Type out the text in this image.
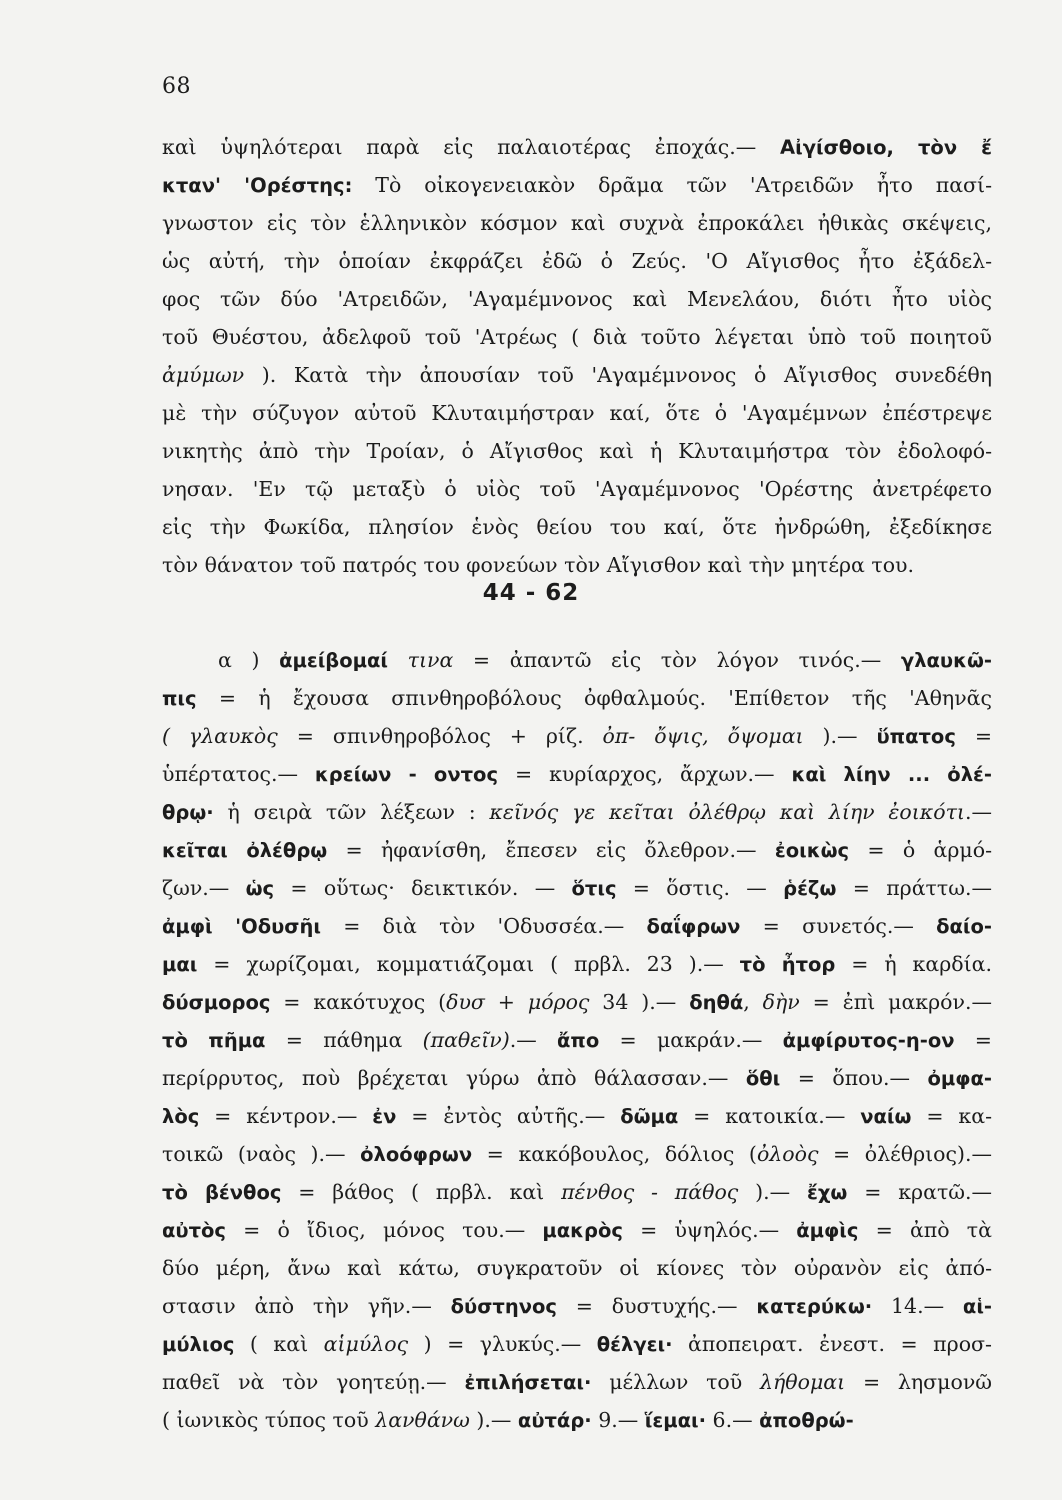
68
καὶ ὑψηλότεραι παρὰ εἰς παλαιοτέρας ἐποχάς.— Αἰγίσθοιο, τὸν ἔ
κταν' 'Ορέστης: Τὸ οἰκογενειακὸν δρᾶμα τῶν 'Ατρειδῶν ἦτο πασί-
γνωστον εἰς τὸν ἑλληνικὸν κόσμον καὶ συχνὰ ἐπροκάλει ἠθικὰς σκέψεις,
ὡς αὐτή, τὴν ὁποίαν ἐκφράζει ἐδῶ ὁ Ζεύς. 'Ο Αἴγισθος ἦτο ἐξάδελ-
φος τῶν δύο 'Ατρειδῶν, 'Αγαμέμνονος καὶ Μενελάου, διότι ἦτο υἱὸς
τοῦ Θυέστου, ἀδελφοῦ τοῦ 'Ατρέως ( διὰ τοῦτο λέγεται ὑπὸ τοῦ ποιητοῦ
ἀμύμων ). Κατὰ τὴν ἀπουσίαν τοῦ 'Αγαμέμνονος ὁ Αἴγισθος συνεδέθη
μὲ τὴν σύζυγον αὐτοῦ Κλυταιμήστραν καί, ὅτε ὁ 'Αγαμέμνων ἐπέστρεψε
νικητὴς ἀπὸ τὴν Τροίαν, ὁ Αἴγισθος καὶ ἡ Κλυταιμήστρα τὸν ἐδολοφό-
νησαν. 'Εν τῷ μεταξὺ ὁ υἱὸς τοῦ 'Αγαμέμνονος 'Ορέστης ἀνετρέφετο
εἰς τὴν Φωκίδα, πλησίον ἑνὸς θείου του καί, ὅτε ἠνδρώθη, ἐξεδίκησε
τὸν θάνατον τοῦ πατρός του φονεύων τὸν Αἴγισθον καὶ τὴν μητέρα του.
44 - 62
α ) ἀμείβομαί τινα = ἀπαντῶ εἰς τὸν λόγον τινός.— γλαυκῶ-
πις = ἡ ἔχουσα σπινθηροβόλους ὀφθαλμούς. 'Επίθετον τῆς 'Αθηνᾶς
( γλαυκὸς = σπινθηροβόλος + ρίζ. ὀπ- ὄψις, ὄψομαι ).— ὕπατος =
ὑπέρτατος.— κρείων - οντος = κυρίαρχος, ἄρχων.— καὶ λίην ... ὀλέ-
θρῳ· ἡ σειρὰ τῶν λέξεων : κεῖνός γε κεῖται ὀλέθρῳ καὶ λίην ἐοικότι.—
κεῖται ὀλέθρῳ = ἠφανίσθη, ἔπεσεν εἰς ὄλεθρον.— ἐοικὼς = ὁ ἁρμό-
ζων.— ὡς = οὕτως· δεικτικόν. — ὅτις = ὅστις. — ῥέζω = πράττω.—
ἀμφὶ 'Οδυσῆι = διὰ τὸν 'Οδυσσέα.— δαΐφρων = συνετός.— δαίο-
μαι = χωρίζομαι, κομματιάζομαι ( πρβλ. 23 ).— τὸ ἦτορ = ἡ καρδία.
δύσμορος = κακότυχος (δυσ + μόρος 34 ).— δηθά, δὴν = ἐπὶ μακρόν.—
τὸ πῆμα = πάθημα (παθεῖν).— ἄπο = μακράν.— ἀμφίρυτος-η-ον =
περίρρυτος, ποὺ βρέχεται γύρω ἀπὸ θάλασσαν.— ὅθι = ὅπου.— ὀμφα-
λὸς = κέντρον.— ἐν = ἐντὸς αὐτῆς.— δῶμα = κατοικία.— ναίω = κα-
τοικῶ (ναὸς ).— ὀλοόφρων = κακόβουλος, δόλιος (ὀλοὸς = ὀλέθριος).—
τὸ βένθος = βάθος ( πρβλ. καὶ πένθος - πάθος ).— ἔχω = κρατῶ.—
αὐτὸς = ὁ ἴδιος, μόνος του.— μακρὸς = ὑψηλός.— ἀμφὶς = ἀπὸ τὰ
δύο μέρη, ἄνω καὶ κάτω, συγκρατοῦν οἱ κίονες τὸν οὐρανὸν εἰς ἀπό-
στασιν ἀπὸ τὴν γῆν.— δύστηνος = δυστυχής.— κατερύκω· 14.— αἱ-
μύλιος ( καὶ αἱμύλος ) = γλυκύς.— θέλγει· ἀποπειρατ. ἐνεστ. = προσ-
παθεῖ νὰ τὸν γοητεύῃ.— ἐπιλήσεται· μέλλων τοῦ λήθομαι = λησμονῶ
( ἰωνικὸς τύπος τοῦ λανθάνω ).— αὐτάρ· 9.— ἵεμαι· 6.— ἀποθρώ-
